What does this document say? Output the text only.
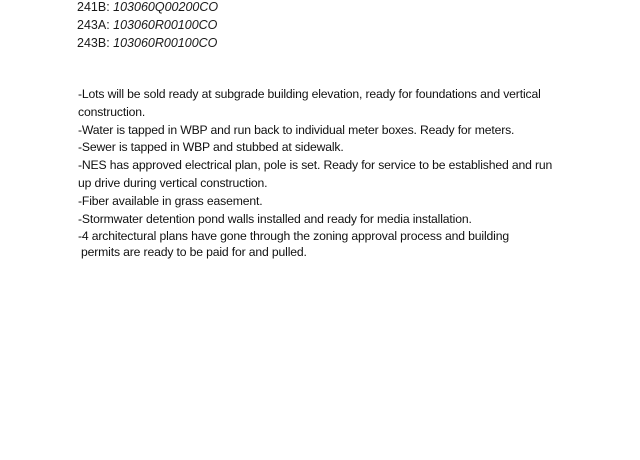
241B: 103060Q00200CO
243A: 103060R00100CO
243B: 103060R00100CO

-Lots will be sold ready at subgrade building elevation, ready for foundations and vertical construction.

-Water is tapped in WBP and run back to individual meter boxes. Ready for meters.

-Sewer is tapped in WBP and stubbed at sidewalk.

-NES has approved electrical plan, pole is set. Ready for service to be established and run up drive during vertical construction.

-Fiber available in grass easement.

-Stormwater detention pond walls installed and ready for media installation.

-4 architectural plans have gone through the zoning approval process and building
permits are ready to be paid for and pulled.
